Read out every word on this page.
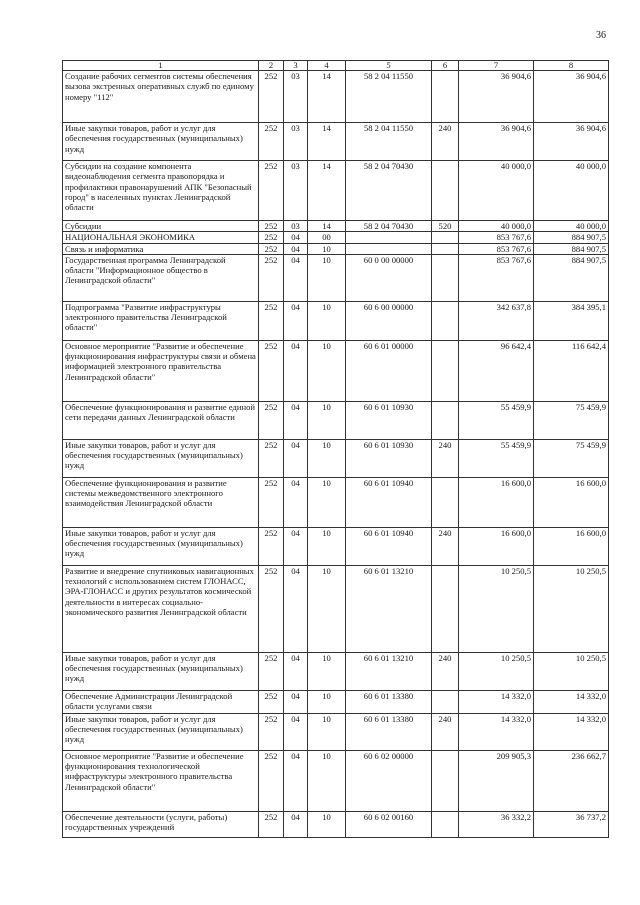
36
1	2	3	4	5	6	7	8
Создание рабочих сегментов системы обеспечения вызова экстренных оперативных служб по единому номеру "112"	252	03	14	58 2 04 11550		36 904,6	36 904,6
Иные закупки товаров, работ и услуг для обеспечения государственных (муниципальных) нужд	252	03	14	58 2 04 11550	240	36 904,6	36 904,6
Субсидии на создание компонента видеонаблюдения сегмента правопорядка и профилактики правонарушений АПК "Безопасный город" в населенных пунктах Ленинградской области	252	03	14	58 2 04 70430		40 000,0	40 000,0
Субсидии	252	03	14	58 2 04 70430	520	40 000,0	40 000,0
НАЦИОНАЛЬНАЯ ЭКОНОМИКА	252	04	00			853 767,6	884 907,5
Связь и информатика	252	04	10			853 767,6	884 907,5
Государственная программа Ленинградской области "Информационное общество в Ленинградской области"	252	04	10	60 0 00 00000		853 767,6	884 907,5
Подпрограмма "Развитие инфраструктуры электронного правительства Ленинградской области"	252	04	10	60 6 00 00000		342 637,8	384 395,1
Основное мероприятие "Развитие и обеспечение функционирования инфраструктуры связи и обмена информацией электронного правительства Ленинградской области"	252	04	10	60 6 01 00000		96 642,4	116 642,4
Обеспечение функционирования и развитие единой сети передачи данных Ленинградской области	252	04	10	60 6 01 10930		55 459,9	75 459,9
Иные закупки товаров, работ и услуг для обеспечения государственных (муниципальных) нужд	252	04	10	60 6 01 10930	240	55 459,9	75 459,9
Обеспечение функционирования и развитие системы межведомственного электронного взаимодействия Ленинградской области	252	04	10	60 6 01 10940		16 600,0	16 600,0
Иные закупки товаров, работ и услуг для обеспечения государственных (муниципальных) нужд	252	04	10	60 6 01 10940	240	16 600,0	16 600,0
Развитие и внедрение спутниковых навигационных технологий с использованием систем ГЛОНАСС, ЭРА-ГЛОНАСС и других результатов космической деятельности в интересах социально-экономического развития Ленинградской области	252	04	10	60 6 01 13210		10 250,5	10 250,5
Иные закупки товаров, работ и услуг для обеспечения государственных (муниципальных) нужд	252	04	10	60 6 01 13210	240	10 250,5	10 250,5
Обеспечение Администрации Ленинградской области услугами связи	252	04	10	60 6 01 13380		14 332,0	14 332,0
Иные закупки товаров, работ и услуг для обеспечения государственных (муниципальных) нужд	252	04	10	60 6 01 13380	240	14 332,0	14 332,0
Основное мероприятие "Развитие и обеспечение функционирования технологической инфраструктуры электронного правительства Ленинградской области"	252	04	10	60 6 02 00000		209 905,3	236 662,7
Обеспечение деятельности (услуги, работы) государственных учреждений	252	04	10	60 6 02 00160		36 332,2	36 737,2
